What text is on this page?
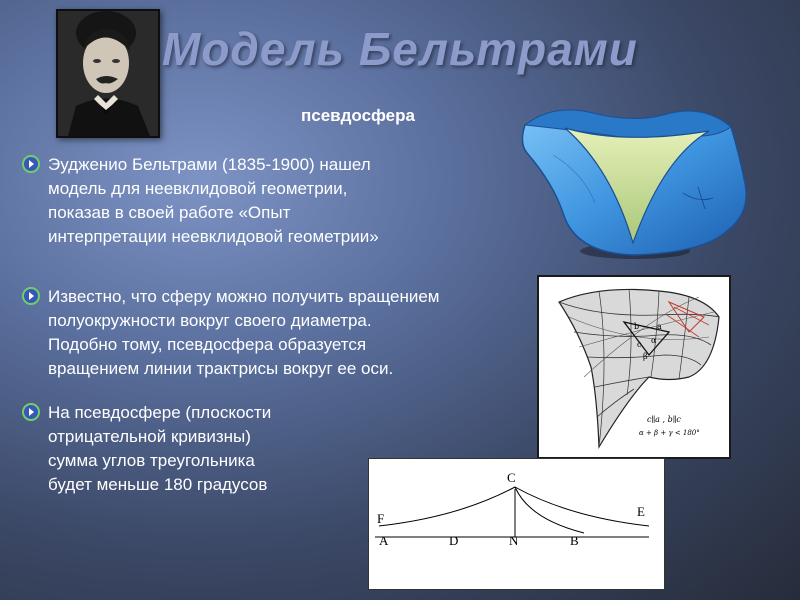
Модель Бельтрами
псевдосфера
Эудженио Бельтрами (1835-1900) нашел
модель для неевклидовой геометрии,
показав в своей работе «Опыт
интерпретации неевклидовой геометрии»
Известно, что сферу можно получить вращением
полуокружности вокруг своего диаметра.
Подобно тому, псевдосфера образуется
вращением линии трактрисы вокруг ее оси.
На псевдосфере (плоскости
отрицательной кривизны)
сумма углов треугольника
будет меньше 180 градусов
b a
c α
β
c∥a , b∥c
α + β + γ < 180°
C
F	E
A	D	N	B
